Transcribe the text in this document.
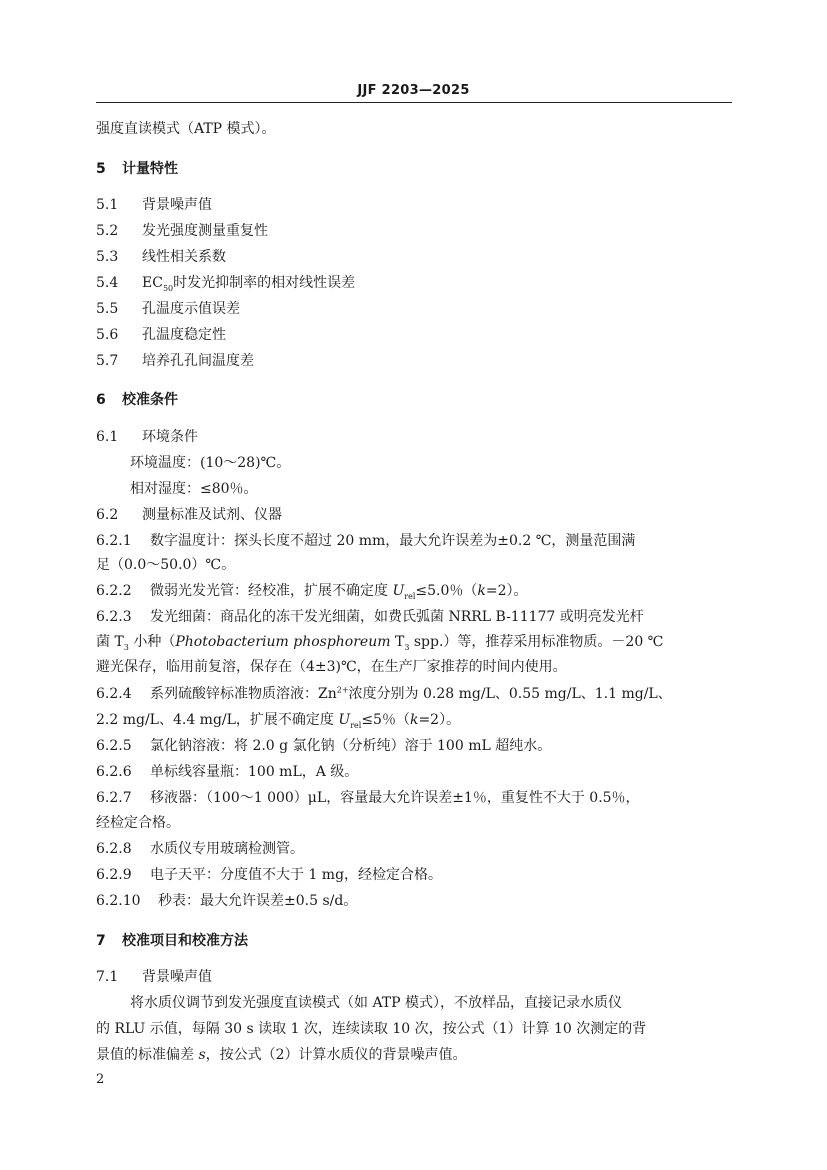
JJF 2203—2025
强度直读模式（ATP 模式）。
5 计量特性
5.1 背景噪声值
5.2 发光强度测量重复性
5.3 线性相关系数
5.4 $EC_{50}$时发光抑制率的相对线性误差
5.5 孔温度示值误差
5.6 孔温度稳定性
5.7 培养孔孔间温度差
6 校准条件
6.1 环境条件
环境温度：(10～28)℃。
相对湿度：≤80％。
6.2 测量标准及试剂、仪器
6.2.1 数字温度计：探头长度不超过 20 mm，最大允许误差为±0.2 ℃，测量范围满
足（0.0～50.0）℃。
6.2.2 微弱光发光管：经校准，扩展不确定度 $U_{rel}\le 5.0$％（k=2）。
6.2.3 发光细菌：商品化的冻干发光细菌，如费氏弧菌 NRRL B-11177 或明亮发光杆
菌 $T_3$ 小种（Photobacterium phosphoreum $T_3$ spp.）等，推荐采用标准物质。－20 ℃
避光保存，临用前复溶，保存在（4±3)℃，在生产厂家推荐的时间内使用。
6.2.4 系列硫酸锌标准物质溶液：$Zn^{2+}$浓度分别为 0.28 mg/L、0.55 mg/L、1.1 mg/L、
2.2 mg/L、4.4 mg/L，扩展不确定度 $U_{rel}\le 5$％（k=2）。
6.2.5 氯化钠溶液：将 2.0 g 氯化钠（分析纯）溶于 100 mL 超纯水。
6.2.6 单标线容量瓶：100 mL，A 级。
6.2.7 移液器：（100～1 000）μL，容量最大允许误差±1％，重复性不大于 0.5％，
经检定合格。
6.2.8 水质仪专用玻璃检测管。
6.2.9 电子天平：分度值不大于 1 mg，经检定合格。
6.2.10 秒表：最大允许误差±0.5 s/d。
7 校准项目和校准方法
7.1 背景噪声值
将水质仪调节到发光强度直读模式（如 ATP 模式），不放样品，直接记录水质仪
的 RLU 示值，每隔 30 s 读取 1 次，连续读取 10 次，按公式（1）计算 10 次测定的背
景值的标准偏差 s，按公式（2）计算水质仪的背景噪声值。
2
